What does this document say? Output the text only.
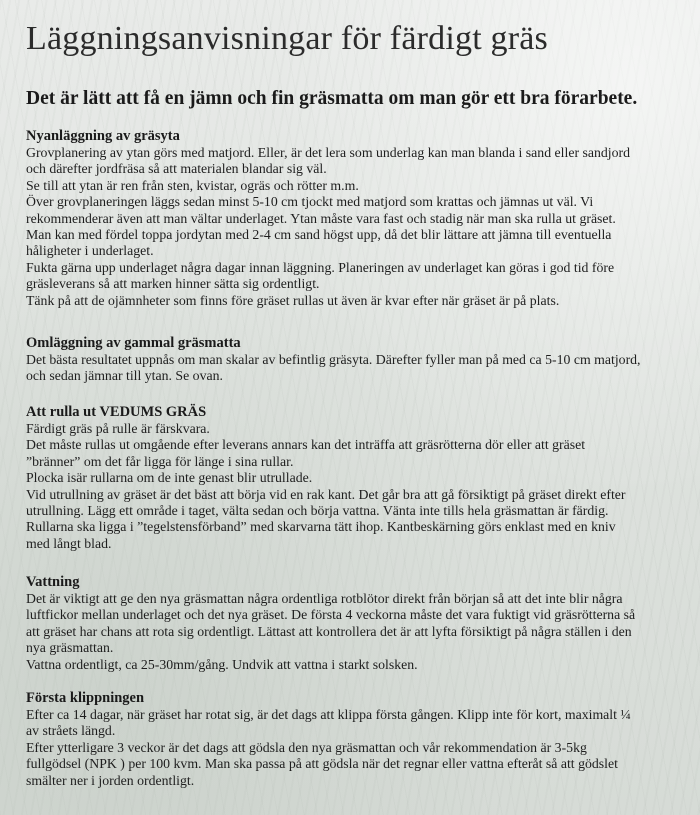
Läggningsanvisningar för färdigt gräs

Det är lätt att få en jämn och fin gräsmatta om man gör ett bra förarbete.

Nyanläggning av gräsyta

Grovplanering av ytan görs med matjord. Eller, är det lera som underlag kan man blanda i sand eller sandjord
och därefter jordfräsa så att materialen blandar sig väl.
Se till att ytan är ren från sten, kvistar, ogräs och rötter m.m.
Över grovplaneringen läggs sedan minst 5-10 cm tjockt med matjord som krattas och jämnas ut väl. Vi
rekommenderar även att man vältar underlaget. Ytan måste vara fast och stadig när man ska rulla ut gräset.
Man kan med fördel toppa jordytan med 2-4 cm sand högst upp, då det blir lättare att jämna till eventuella
håligheter i underlaget.
Fukta gärna upp underlaget några dagar innan läggning. Planeringen av underlaget kan göras i god tid före
gräsleverans så att marken hinner sätta sig ordentligt.
Tänk på att de ojämnheter som finns före gräset rullas ut även är kvar efter när gräset är på plats.

Omläggning av gammal gräsmatta

Det bästa resultatet uppnås om man skalar av befintlig gräsyta. Därefter fyller man på med ca 5-10 cm matjord,
och sedan jämnar till ytan. Se ovan.

Att rulla ut VEDUMS GRÄS

Färdigt gräs på rulle är färskvara.
Det måste rullas ut omgående efter leverans annars kan det inträffa att gräsrötterna dör eller att gräset
”bränner” om det får ligga för länge i sina rullar.
Plocka isär rullarna om de inte genast blir utrullade.
Vid utrullning av gräset är det bäst att börja vid en rak kant. Det går bra att gå försiktigt på gräset direkt efter
utrullning. Lägg ett område i taget, välta sedan och börja vattna. Vänta inte tills hela gräsmattan är färdig.
Rullarna ska ligga i ”tegelstensförband” med skarvarna tätt ihop. Kantbeskärning görs enklast med en kniv
med långt blad.

Vattning

Det är viktigt att ge den nya gräsmattan några ordentliga rotblötor direkt från början så att det inte blir några
luftfickor mellan underlaget och det nya gräset. De första 4 veckorna måste det vara fuktigt vid gräsrötterna så
att gräset har chans att rota sig ordentligt. Lättast att kontrollera det är att lyfta försiktigt på några ställen i den
nya gräsmattan.
Vattna ordentligt, ca 25-30mm/gång. Undvik att vattna i starkt solsken.

Första klippningen

Efter ca 14 dagar, när gräset har rotat sig, är det dags att klippa första gången. Klipp inte för kort, maximalt ¼
av stråets längd.
Efter ytterligare 3 veckor är det dags att gödsla den nya gräsmattan och vår rekommendation är 3-5kg
fullgödsel (NPK ) per 100 kvm. Man ska passa på att gödsla när det regnar eller vattna efteråt så att gödslet
smälter ner i jorden ordentligt.
